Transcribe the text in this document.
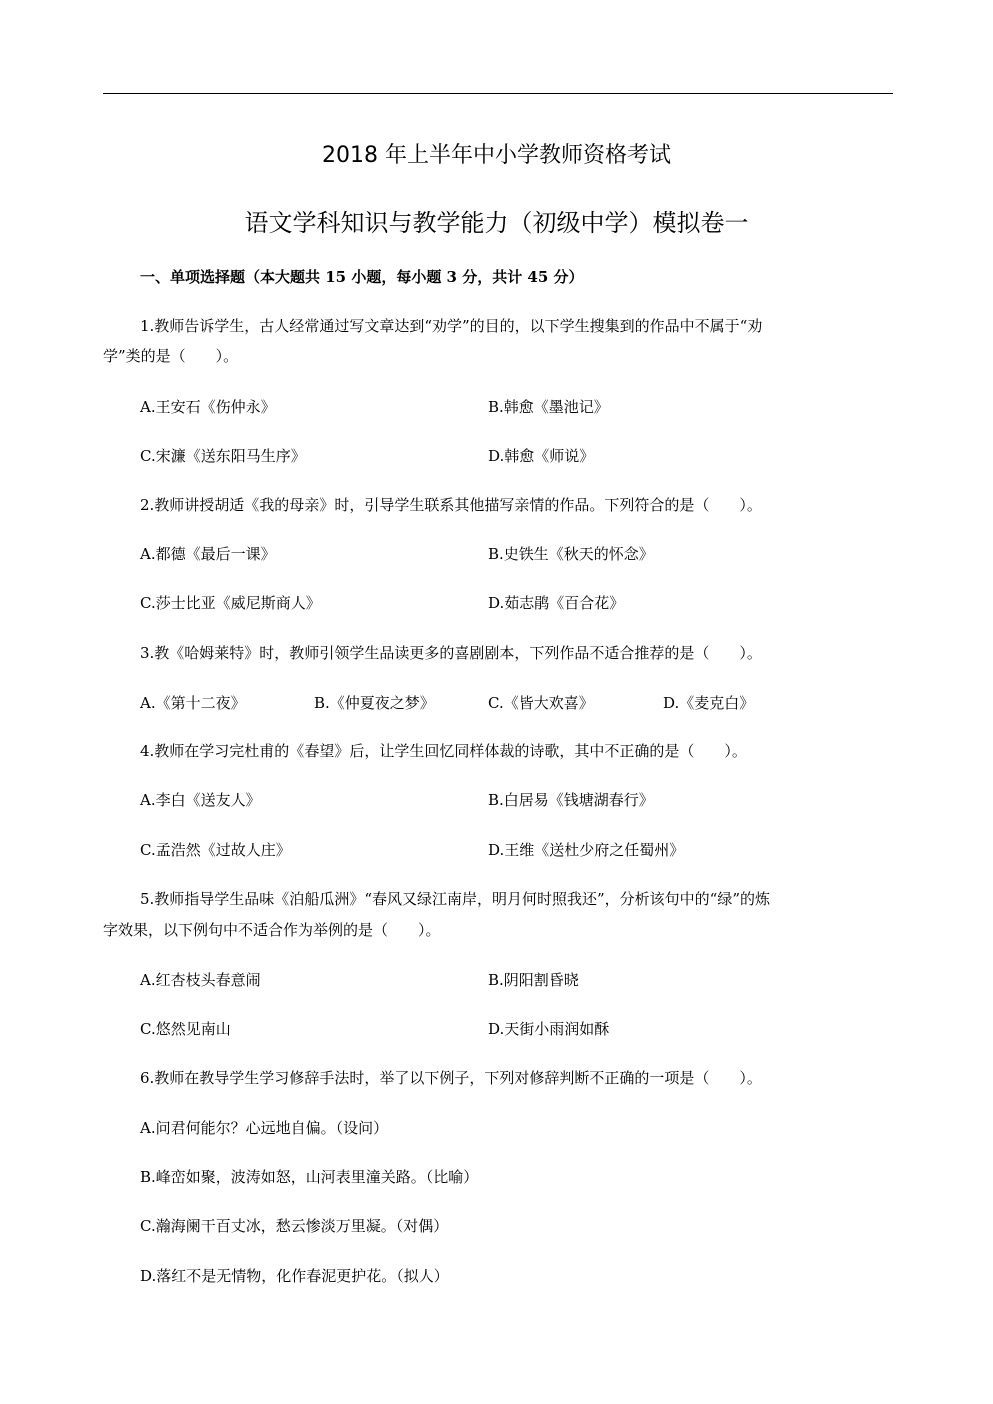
2018 年上半年中小学教师资格考试
语文学科知识与教学能力（初级中学）模拟卷一
一、单项选择题（本大题共 15 小题，每小题 3 分，共计 45 分）
1.教师告诉学生，古人经常通过写文章达到“劝学”的目的，以下学生搜集到的作品中不属于“劝
学”类的是（　　）。
A.王安石《伤仲永》	B.韩愈《墨池记》
C.宋濂《送东阳马生序》	D.韩愈《师说》
2.教师讲授胡适《我的母亲》时，引导学生联系其他描写亲情的作品。下列符合的是（　　）。
A.都德《最后一课》	B.史铁生《秋天的怀念》
C.莎士比亚《威尼斯商人》	D.茹志鹃《百合花》
3.教《哈姆莱特》时，教师引领学生品读更多的喜剧剧本，下列作品不适合推荐的是（　　）。
A.《第十二夜》	B.《仲夏夜之梦》	C.《皆大欢喜》	D.《麦克白》
4.教师在学习完杜甫的《春望》后，让学生回忆同样体裁的诗歌，其中不正确的是（　　）。
A.李白《送友人》	B.白居易《钱塘湖春行》
C.孟浩然《过故人庄》	D.王维《送杜少府之任蜀州》
5.教师指导学生品味《泊船瓜洲》“春风又绿江南岸，明月何时照我还”，分析该句中的“绿”的炼
字效果，以下例句中不适合作为举例的是（　　）。
A.红杏枝头春意闹	B.阴阳割昏晓
C.悠然见南山	D.天街小雨润如酥
6.教师在教导学生学习修辞手法时，举了以下例子，下列对修辞判断不正确的一项是（　　）。
A.问君何能尔？心远地自偏。（设问）
B.峰峦如聚，波涛如怒，山河表里潼关路。（比喻）
C.瀚海阑干百丈冰，愁云惨淡万里凝。（对偶）
D.落红不是无情物，化作春泥更护花。（拟人）
